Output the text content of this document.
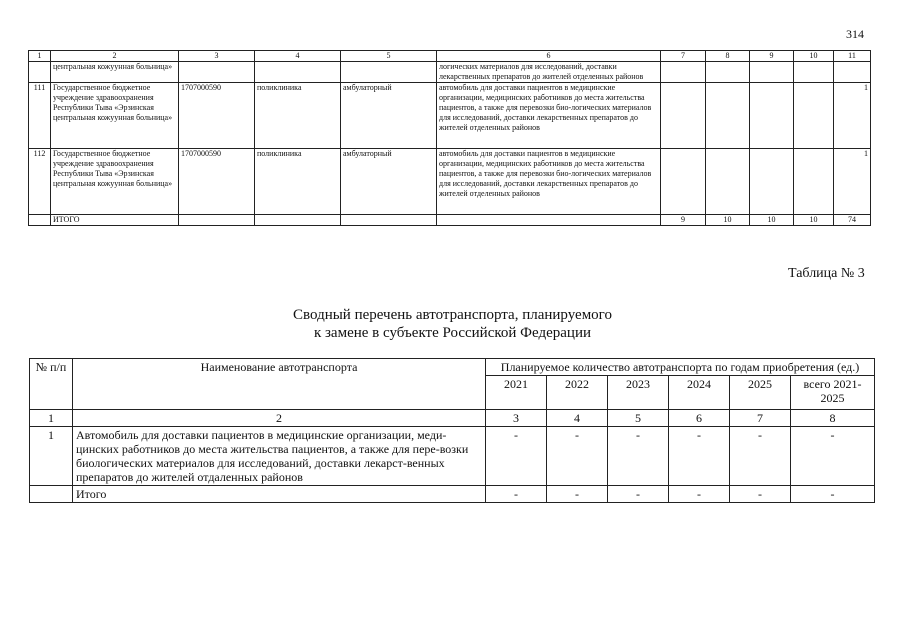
314
1	2	3	4	5	6	7	8	9	10	11
	центральная кожуунная больница»				логических материалов для исследований, доставки лекарственных препаратов до жителей отделенных районов					
111	Государственное бюджетное учреждение здравоохранения Республики Тыва «Эрзинская центральная кожуунная больница»	1707000590	поликлиника	амбулаторный	автомобиль для доставки пациентов в медицинские организации, медицинских работников до места жительства пациентов, а также для перевозки био-логических материалов для исследований, доставки лекарственных препаратов до жителей отделенных районов					1
112	Государственное бюджетное учреждение здравоохранения Республики Тыва «Эрзинская центральная кожуунная больница»	1707000590	поликлиника	амбулаторный	автомобиль для доставки пациентов в медицинские организации, медицинских работников до места жительства пациентов, а также для перевозки био-логических материалов для исследований, доставки лекарственных препаратов до жителей отделенных районов					1
	ИТОГО					9	10	10	10	74
Таблица № 3
Сводный перечень автотранспорта, планируемого
к замене в субъекте Российской Федерации
№ п/п	Наименование автотранспорта	Планируемое количество автотранспорта по годам приобретения (ед.)					
		2021	2022	2023	2024	2025	всего 2021-2025
1	2	3	4	5	6	7	8
1	Автомобиль для доставки пациентов в медицинские организации, меди-цинских работников до места жительства пациентов, а также для пере-возки биологических материалов для исследований, доставки лекарст-венных препаратов до жителей отдаленных районов	-	-	-	-	-	-
	Итого	-	-	-	-	-	-
